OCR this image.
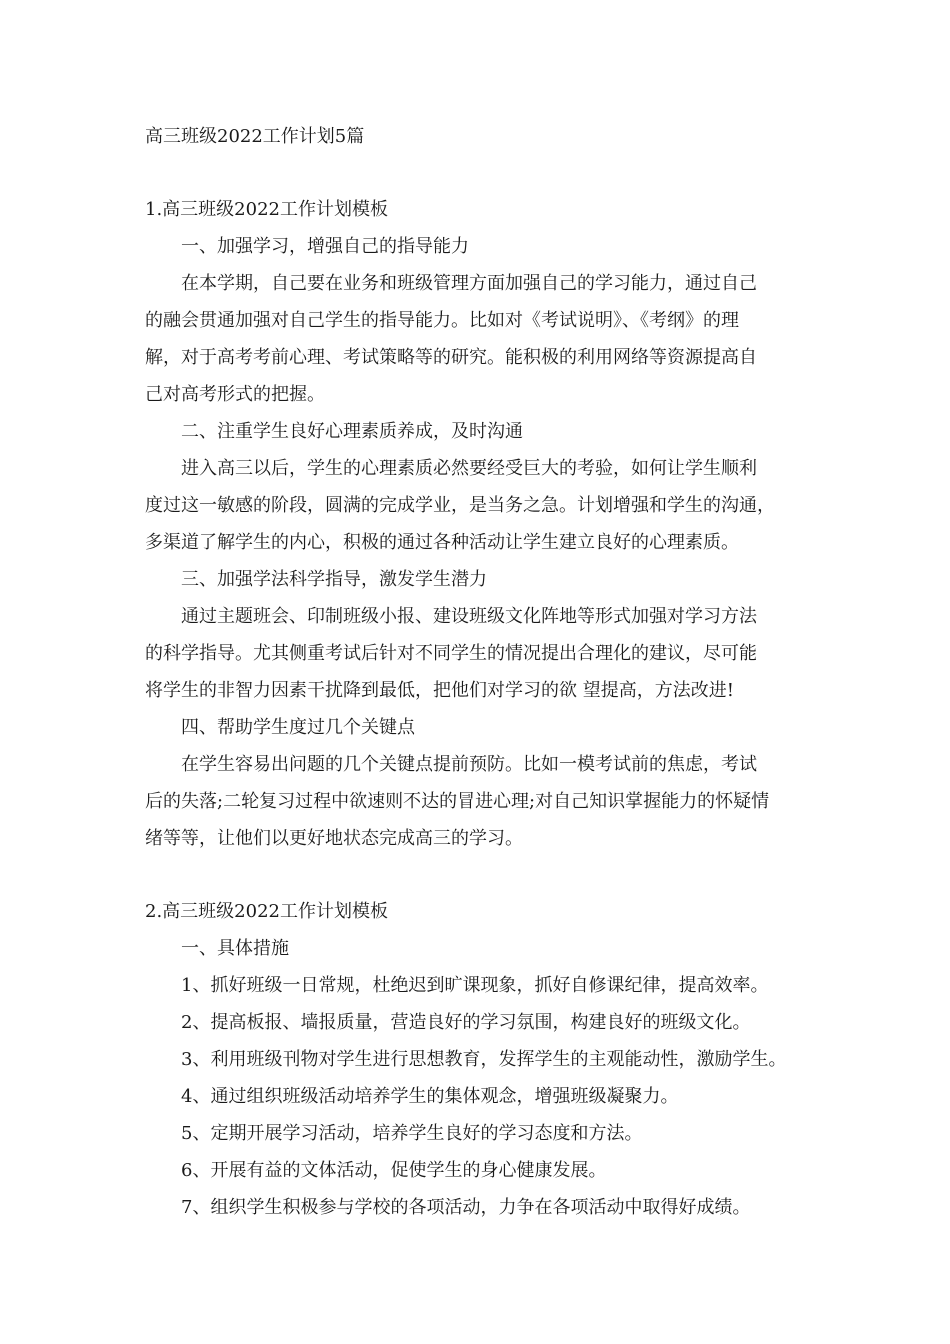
高三班级2022工作计划5篇

1.高三班级2022工作计划模板

一、加强学习，增强自己的指导能力

在本学期，自己要在业务和班级管理方面加强自己的学习能力，通过自己

的融会贯通加强对自己学生的指导能力。比如对《考试说明》、《考纲》的理

解，对于高考考前心理、考试策略等的研究。能积极的利用网络等资源提高自

己对高考形式的把握。

二、注重学生良好心理素质养成，及时沟通

进入高三以后，学生的心理素质必然要经受巨大的考验，如何让学生顺利

度过这一敏感的阶段，圆满的完成学业，是当务之急。计划增强和学生的沟通，

多渠道了解学生的内心，积极的通过各种活动让学生建立良好的心理素质。

三、加强学法科学指导，激发学生潜力

通过主题班会、印制班级小报、建设班级文化阵地等形式加强对学习方法

的科学指导。尤其侧重考试后针对不同学生的情况提出合理化的建议，尽可能

将学生的非智力因素干扰降到最低，把他们对学习的欲 望提高，方法改进!

四、帮助学生度过几个关键点

在学生容易出问题的几个关键点提前预防。比如一模考试前的焦虑，考试

后的失落;二轮复习过程中欲速则不达的冒进心理;对自己知识掌握能力的怀疑情

绪等等，让他们以更好地状态完成高三的学习。

2.高三班级2022工作计划模板

一、具体措施

1、抓好班级一日常规，杜绝迟到旷课现象，抓好自修课纪律，提高效率。

2、提高板报、墙报质量，营造良好的学习氛围，构建良好的班级文化。

3、利用班级刊物对学生进行思想教育，发挥学生的主观能动性，激励学生。

4、通过组织班级活动培养学生的集体观念，增强班级凝聚力。

5、定期开展学习活动，培养学生良好的学习态度和方法。

6、开展有益的文体活动，促使学生的身心健康发展。

7、组织学生积极参与学校的各项活动，力争在各项活动中取得好成绩。
